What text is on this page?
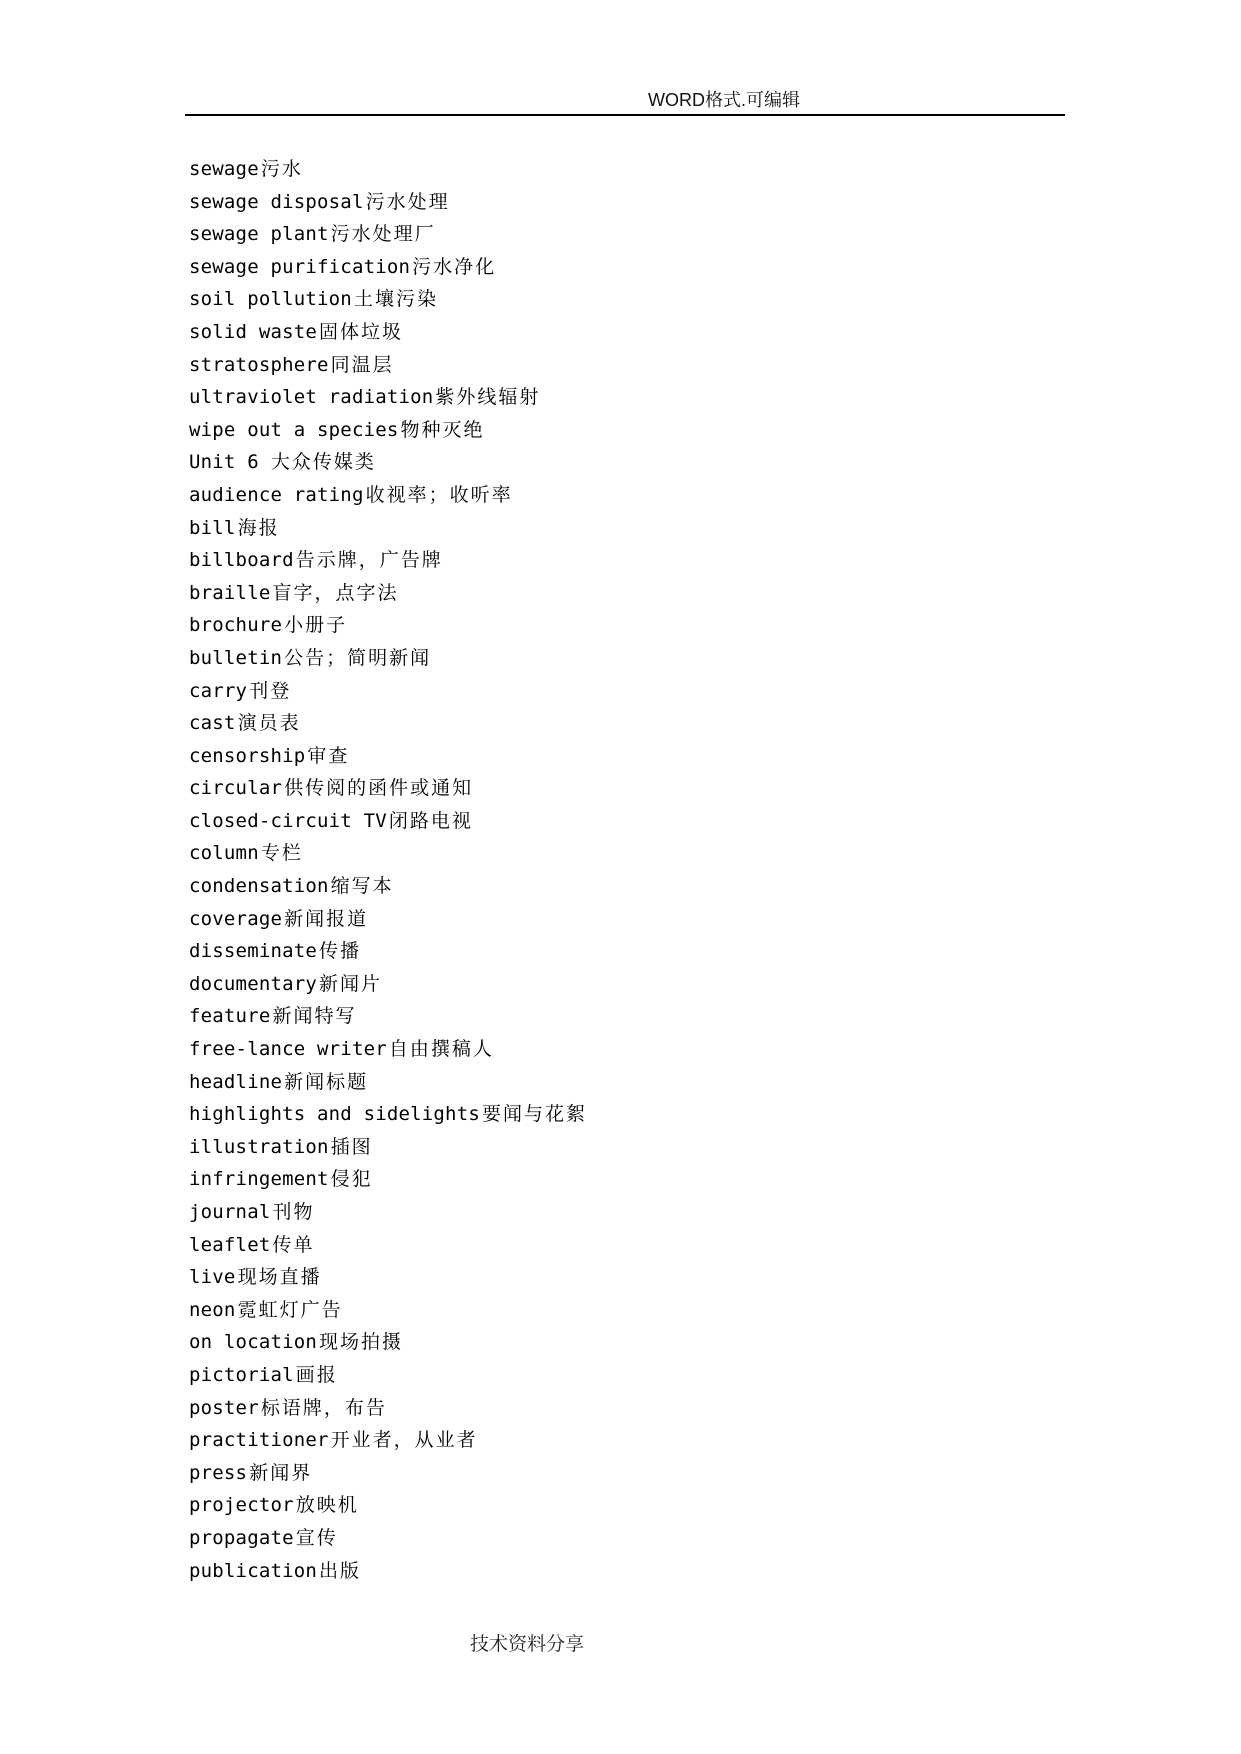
WORD格式.可编辑
sewage 污水
sewage disposal 污水处理
sewage plant 污水处理厂
sewage purification 污水净化
soil pollution 土壤污染
solid waste 固体垃圾
stratosphere 同温层
ultraviolet radiation 紫外线辐射
wipe out a species 物种灭绝
Unit 6 大众传媒类
audience rating 收视率；收听率
bill 海报
billboard 告示牌，广告牌
braille 盲字，点字法
brochure 小册子
bulletin 公告；简明新闻
carry 刊登
cast 演员表
censorship 审查
circular 供传阅的函件或通知
closed-circuit TV 闭路电视
column 专栏
condensation 缩写本
coverage 新闻报道
disseminate 传播
documentary 新闻片
feature 新闻特写
free-lance writer 自由撰稿人
headline 新闻标题
highlights and sidelights 要闻与花絮
illustration 插图
infringement 侵犯
journal 刊物
leaflet 传单
live 现场直播
neon 霓虹灯广告
on location 现场拍摄
pictorial 画报
poster 标语牌，布告
practitioner 开业者，从业者
press 新闻界
projector 放映机
propagate 宣传
publication 出版
技术资料分享
